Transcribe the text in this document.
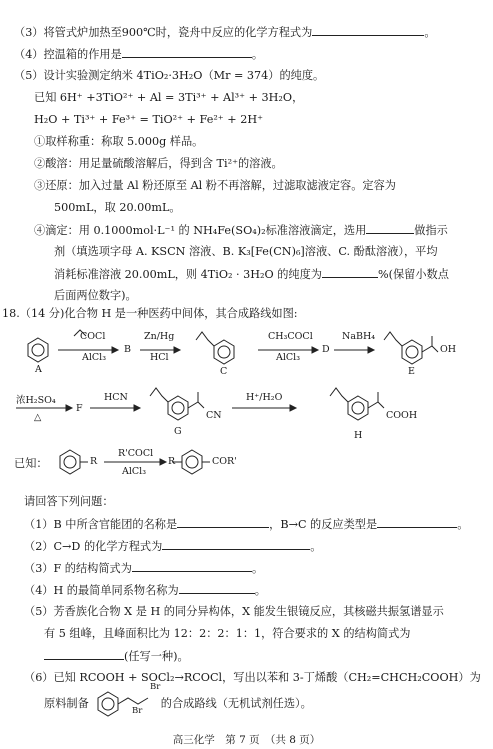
（3）将管式炉加热至900℃时，瓷舟中反应的化学方程式为	。
（4）控温箱的作用是	。
（5）设计实验测定纳米 4TiO₂·3H₂O（Mr = 374）的纯度。
已知 6H⁺ +3TiO²⁺ + Al = 3Ti³⁺ + Al³⁺ + 3H₂O，
H₂O + Ti³⁺ + Fe³⁺ = TiO²⁺ + Fe²⁺ + 2H⁺
①取样称重：称取 5.000g 样品。
②酸溶：用足量硫酸溶解后，得到含 Ti²⁺的溶液。
③还原：加入过量 Al 粉还原至 Al 粉不再溶解，过滤取滤液定容。定容为
500mL，取 20.00mL。
④滴定：用 0.1000mol·L⁻¹ 的 NH₄Fe(SO₄)₂标准溶液滴定，选用	做指示
剂（填选项字母 A. KSCN 溶液、B. K₃[Fe(CN)₆]溶液、C. 酚酞溶液），平均
消耗标准溶液 20.00mL，则 4TiO₂ · 3H₂O 的纯度为	%(保留小数点
后面两位数字)。
18.（14 分)化合物 H 是一种医药中间体，其合成路线如图:
A
COCl
AlCl₃
B
Zn/Hg
HCl
C
CH₃COCl
AlCl₃
D
NaBH₄
OH
E
浓H₂SO₄
△
F
HCN
CN
G
H⁺/H₂O
COOH
H
已知：	R
R'COCl
AlCl₃
R	COR'
请回答下列问题：
（1）B 中所含官能团的名称是	，B→C 的反应类型是	。
（2）C→D 的化学方程式为	。
（3）F 的结构简式为	。
（4）H 的最简单同系物名称为	。
（5）芳香族化合物 X 是 H 的同分异构体，X 能发生银镜反应，其核磁共振氢谱显示
有 5 组峰，且峰面积比为 12：2：2：1：1，符合要求的 X 的结构简式为
(任写一种)。
（6）已知 RCOOH + SOCl₂→RCOCl，写出以苯和 3-丁烯酸（CH₂=CHCH₂COOH）为
原料制备	的合成路线（无机试剂任选）。
Br
Br
高三化学　第 7 页　（共 8 页）
